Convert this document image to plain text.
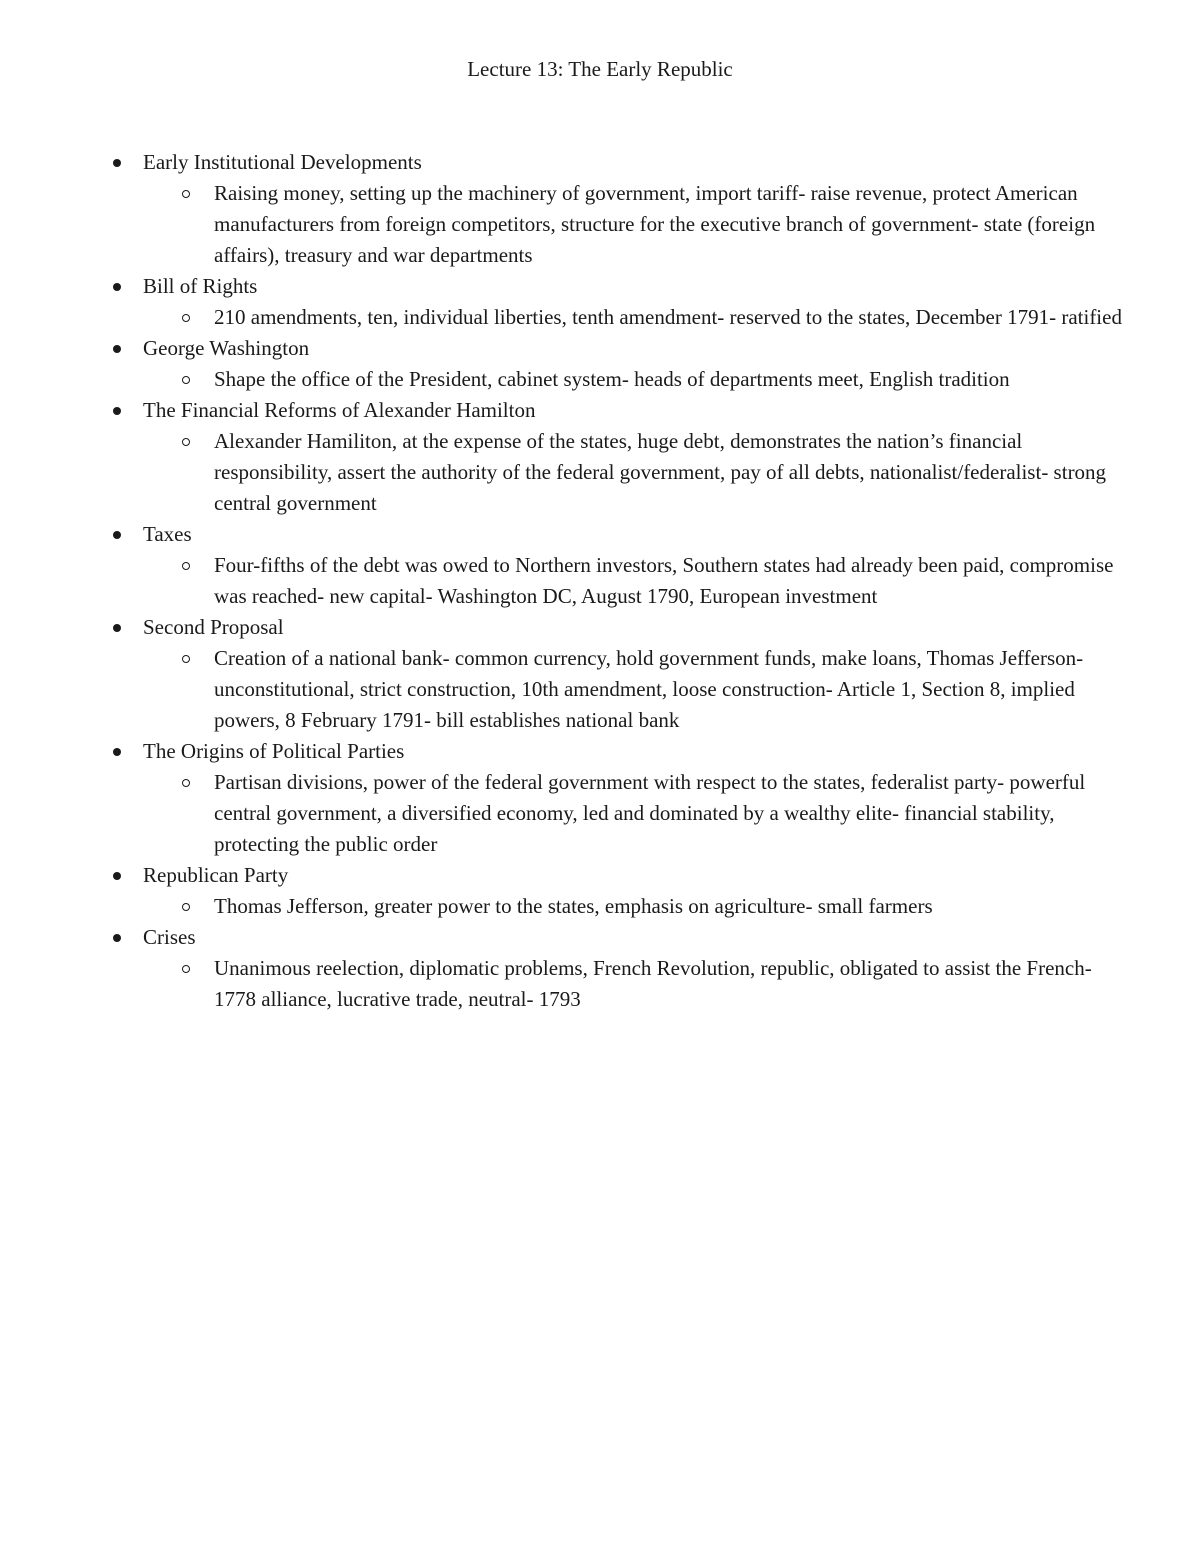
Lecture 13: The Early Republic
Early Institutional Developments
Raising money, setting up the machinery of government, import tariff- raise revenue, protect American manufacturers from foreign competitors, structure for the executive branch of government- state (foreign affairs), treasury and war departments
Bill of Rights
210 amendments, ten, individual liberties, tenth amendment- reserved to the states, December 1791- ratified
George Washington
Shape the office of the President, cabinet system- heads of departments meet, English tradition
The Financial Reforms of Alexander Hamilton
Alexander Hamiliton, at the expense of the states, huge debt, demonstrates the nation’s financial responsibility, assert the authority of the federal government, pay of all debts, nationalist/federalist- strong central government
Taxes
Four-fifths of the debt was owed to Northern investors, Southern states had already been paid, compromise was reached- new capital- Washington DC, August 1790, European investment
Second Proposal
Creation of a national bank- common currency, hold government funds, make loans, Thomas Jefferson- unconstitutional, strict construction, 10th amendment, loose construction- Article 1, Section 8, implied powers, 8 February 1791- bill establishes national bank
The Origins of Political Parties
Partisan divisions, power of the federal government with respect to the states, federalist party- powerful central government, a diversified economy, led and dominated by a wealthy elite- financial stability, protecting the public order
Republican Party
Thomas Jefferson, greater power to the states, emphasis on agriculture- small farmers
Crises
Unanimous reelection, diplomatic problems, French Revolution, republic, obligated to assist the French- 1778 alliance, lucrative trade, neutral- 1793
